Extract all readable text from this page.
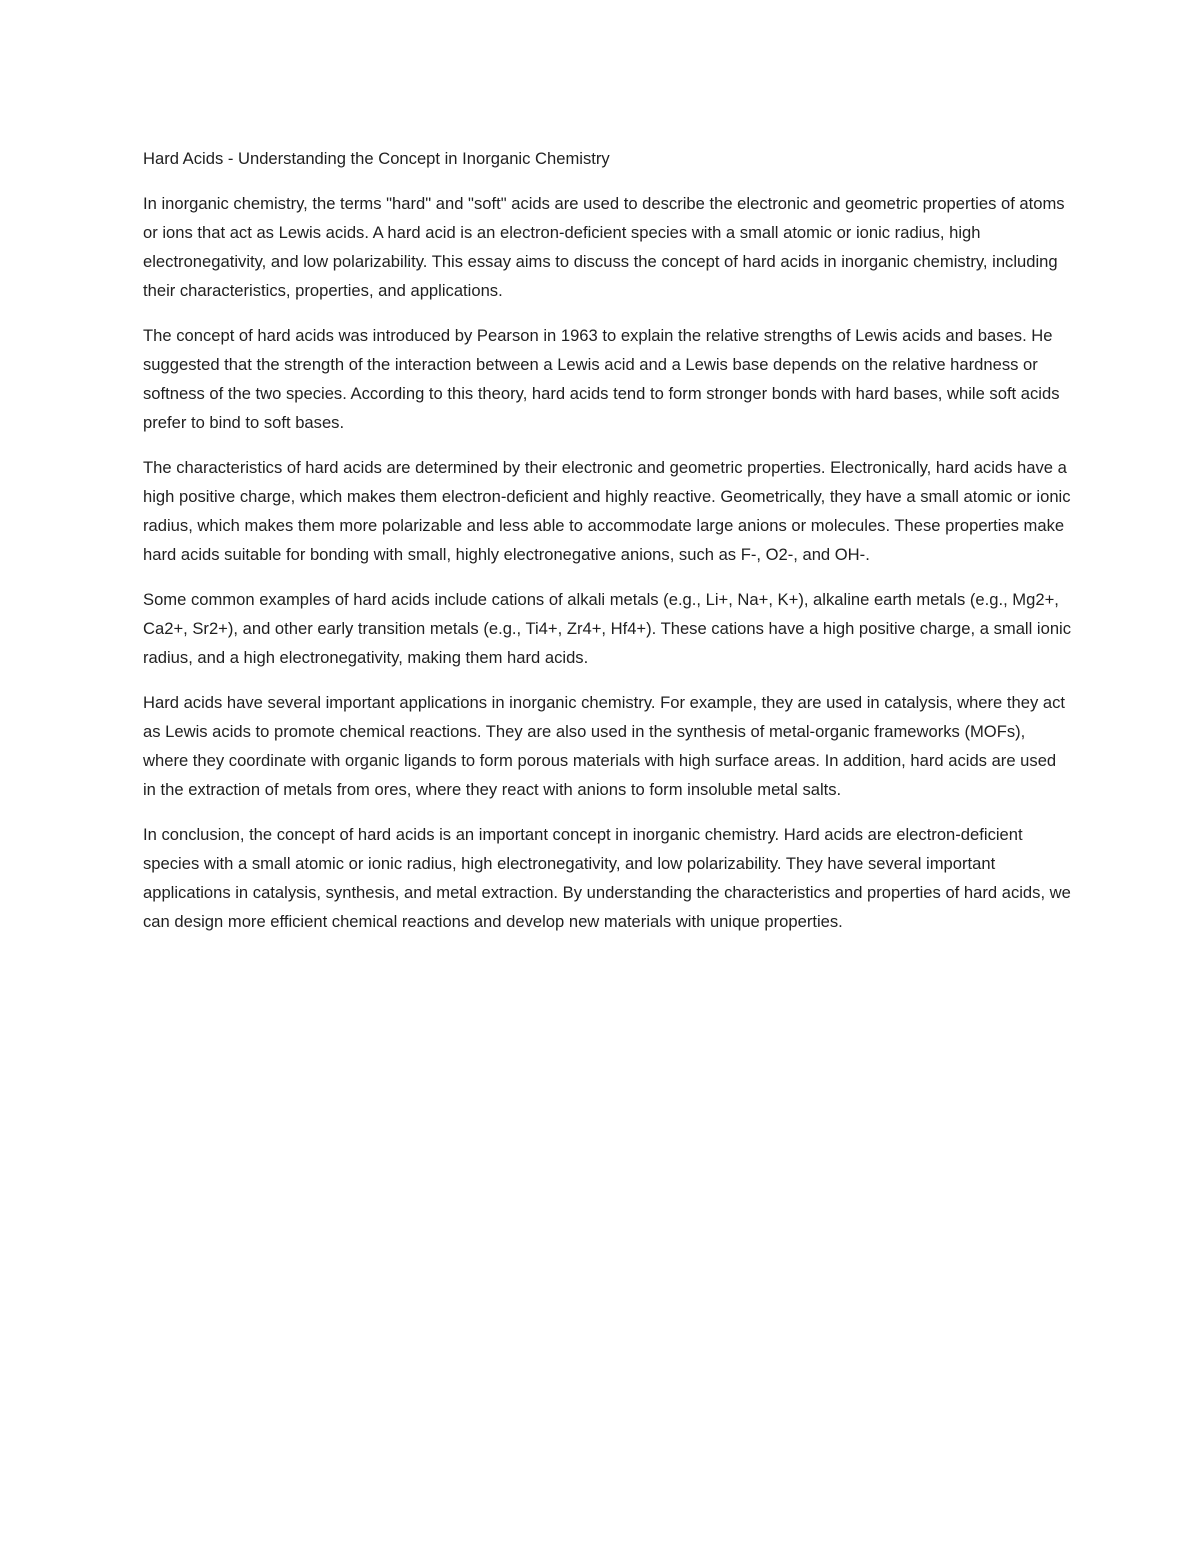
Hard Acids - Understanding the Concept in Inorganic Chemistry

In inorganic chemistry, the terms "hard" and "soft" acids are used to describe the electronic and geometric properties of atoms or ions that act as Lewis acids. A hard acid is an electron-deficient species with a small atomic or ionic radius, high electronegativity, and low polarizability. This essay aims to discuss the concept of hard acids in inorganic chemistry, including their characteristics, properties, and applications.

The concept of hard acids was introduced by Pearson in 1963 to explain the relative strengths of Lewis acids and bases. He suggested that the strength of the interaction between a Lewis acid and a Lewis base depends on the relative hardness or softness of the two species. According to this theory, hard acids tend to form stronger bonds with hard bases, while soft acids prefer to bind to soft bases.

The characteristics of hard acids are determined by their electronic and geometric properties. Electronically, hard acids have a high positive charge, which makes them electron-deficient and highly reactive. Geometrically, they have a small atomic or ionic radius, which makes them more polarizable and less able to accommodate large anions or molecules. These properties make hard acids suitable for bonding with small, highly electronegative anions, such as F-, O2-, and OH-.

Some common examples of hard acids include cations of alkali metals (e.g., Li+, Na+, K+), alkaline earth metals (e.g., Mg2+, Ca2+, Sr2+), and other early transition metals (e.g., Ti4+, Zr4+, Hf4+). These cations have a high positive charge, a small ionic radius, and a high electronegativity, making them hard acids.

Hard acids have several important applications in inorganic chemistry. For example, they are used in catalysis, where they act as Lewis acids to promote chemical reactions. They are also used in the synthesis of metal-organic frameworks (MOFs), where they coordinate with organic ligands to form porous materials with high surface areas. In addition, hard acids are used in the extraction of metals from ores, where they react with anions to form insoluble metal salts.

In conclusion, the concept of hard acids is an important concept in inorganic chemistry. Hard acids are electron-deficient species with a small atomic or ionic radius, high electronegativity, and low polarizability. They have several important applications in catalysis, synthesis, and metal extraction. By understanding the characteristics and properties of hard acids, we can design more efficient chemical reactions and develop new materials with unique properties.
